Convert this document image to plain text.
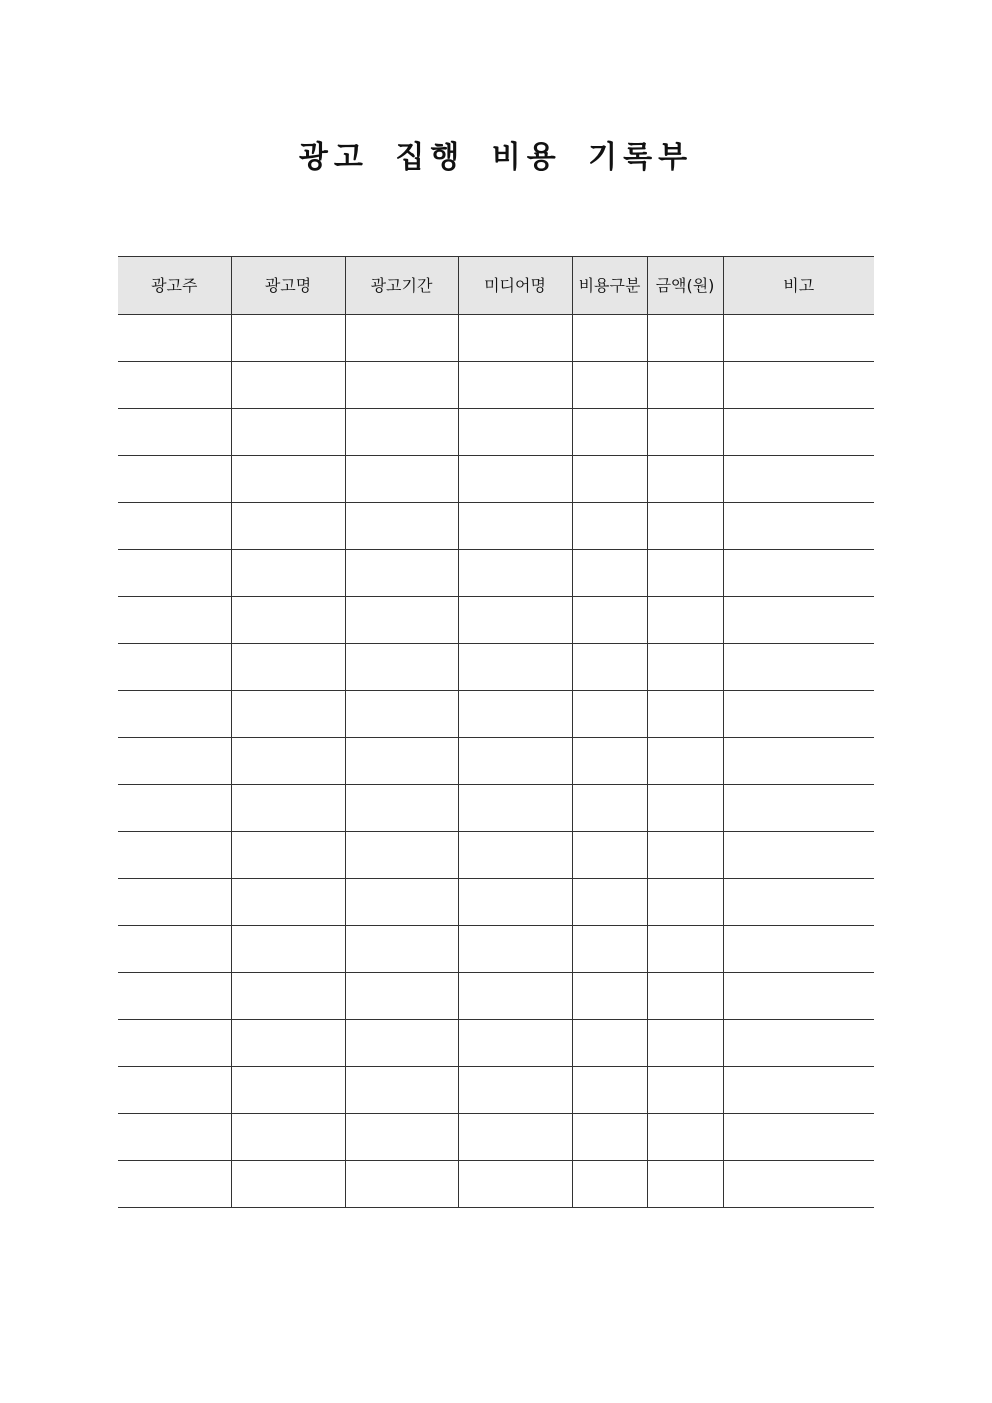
광고 집행 비용 기록부
광고주	광고명	광고기간	미디어명	비용구분	금액(원)	비고
